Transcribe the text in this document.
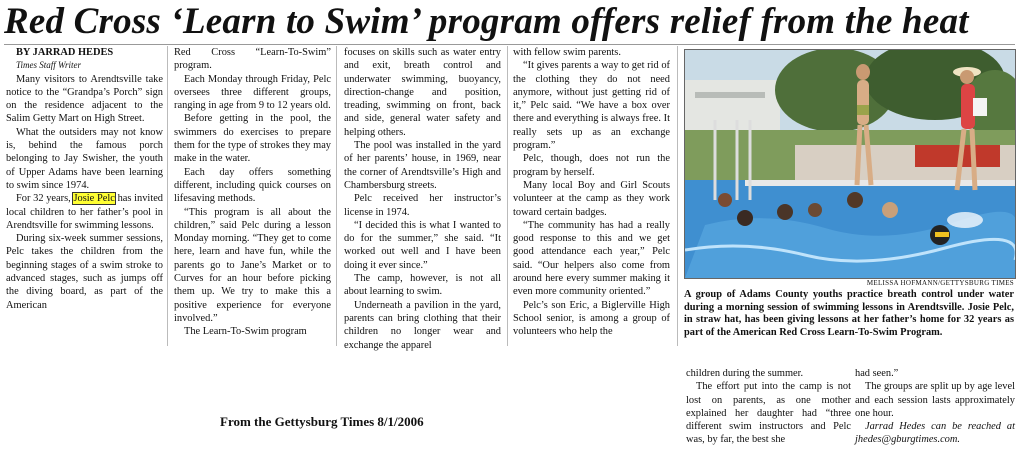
Red Cross ‘Learn to Swim’ program offers relief from the heat

BY JARRAD HEDES

Times Staff Writer

Many visitors to Arendtsville take notice to the “Grandpa’s Porch” sign on the residence adjacent to the Salim Getty Mart on High Street.

What the outsiders may not know is, behind the famous porch belonging to Jay Swisher, the youth of Upper Adams have been learning to swim since 1974.

For 32 years, Josie Pelc has invited local children to her father’s pool in Arendtsville for swimming lessons.

During six-week summer sessions, Pelc takes the children from the beginning stages of a swim stroke to advanced stages, such as jumps off the diving board, as part of the American

Red Cross “Learn-To-Swim” program.

Each Monday through Friday, Pelc oversees three different groups, ranging in age from 9 to 12 years old.

Before getting in the pool, the swimmers do exercises to prepare them for the type of strokes they may make in the water.

Each day offers something different, including quick courses on lifesaving methods.

“This program is all about the children,” said Pelc during a lesson Monday morning. “They get to come here, learn and have fun, while the parents go to Jane’s Market or to Curves for an hour before picking them up. We try to make this a positive experience for everyone involved.”

The Learn-To-Swim program

focuses on skills such as water entry and exit, breath control and underwater swimming, buoyancy, direction-change and position, treading, swimming on front, back and side, general water safety and helping others.

The pool was installed in the yard of her parents’ house, in 1969, near the corner of Arendtsville’s High and Chambersburg streets.

Pelc received her instructor’s license in 1974.

“I decided this is what I wanted to do for the summer,” she said. “It worked out well and I have been doing it ever since.”

The camp, however, is not all about learning to swim.

Underneath a pavilion in the yard, parents can bring clothing that their children no longer wear and exchange the apparel

with fellow swim parents.

“It gives parents a way to get rid of the clothing they do not need anymore, without just getting rid of it,” Pelc said. “We have a box over there and everything is always free. It really sets up as an exchange program.”

Pelc, though, does not run the program by herself.

Many local Boy and Girl Scouts volunteer at the camp as they work toward certain badges.

“The community has had a really good response to this and we get good attendance each year,” Pelc said. “Our helpers also come from around here every summer making it even more community oriented.”

Pelc’s son Eric, a Biglerville High School senior, is among a group of volunteers who help the

MELISSA HOFMANN/GETTYSBURG TIMES
A group of Adams County youths practice breath control under water during a morning session of swimming lessons in Arendtsville. Josie Pelc, in straw hat, has been giving lessons at her father’s home for 32 years as part of the American Red Cross Learn-To-Swim Program.

children during the summer.

The effort put into the camp is not lost on parents, as one mother explained her daughter had “three different swim instructors and Pelc was, by far, the best she

had seen.”

The groups are split up by age level and each session lasts approximately one hour.

Jarrad Hedes can be reached at jhedes@gburgtimes.com.

From the Gettysburg Times 8/1/2006
